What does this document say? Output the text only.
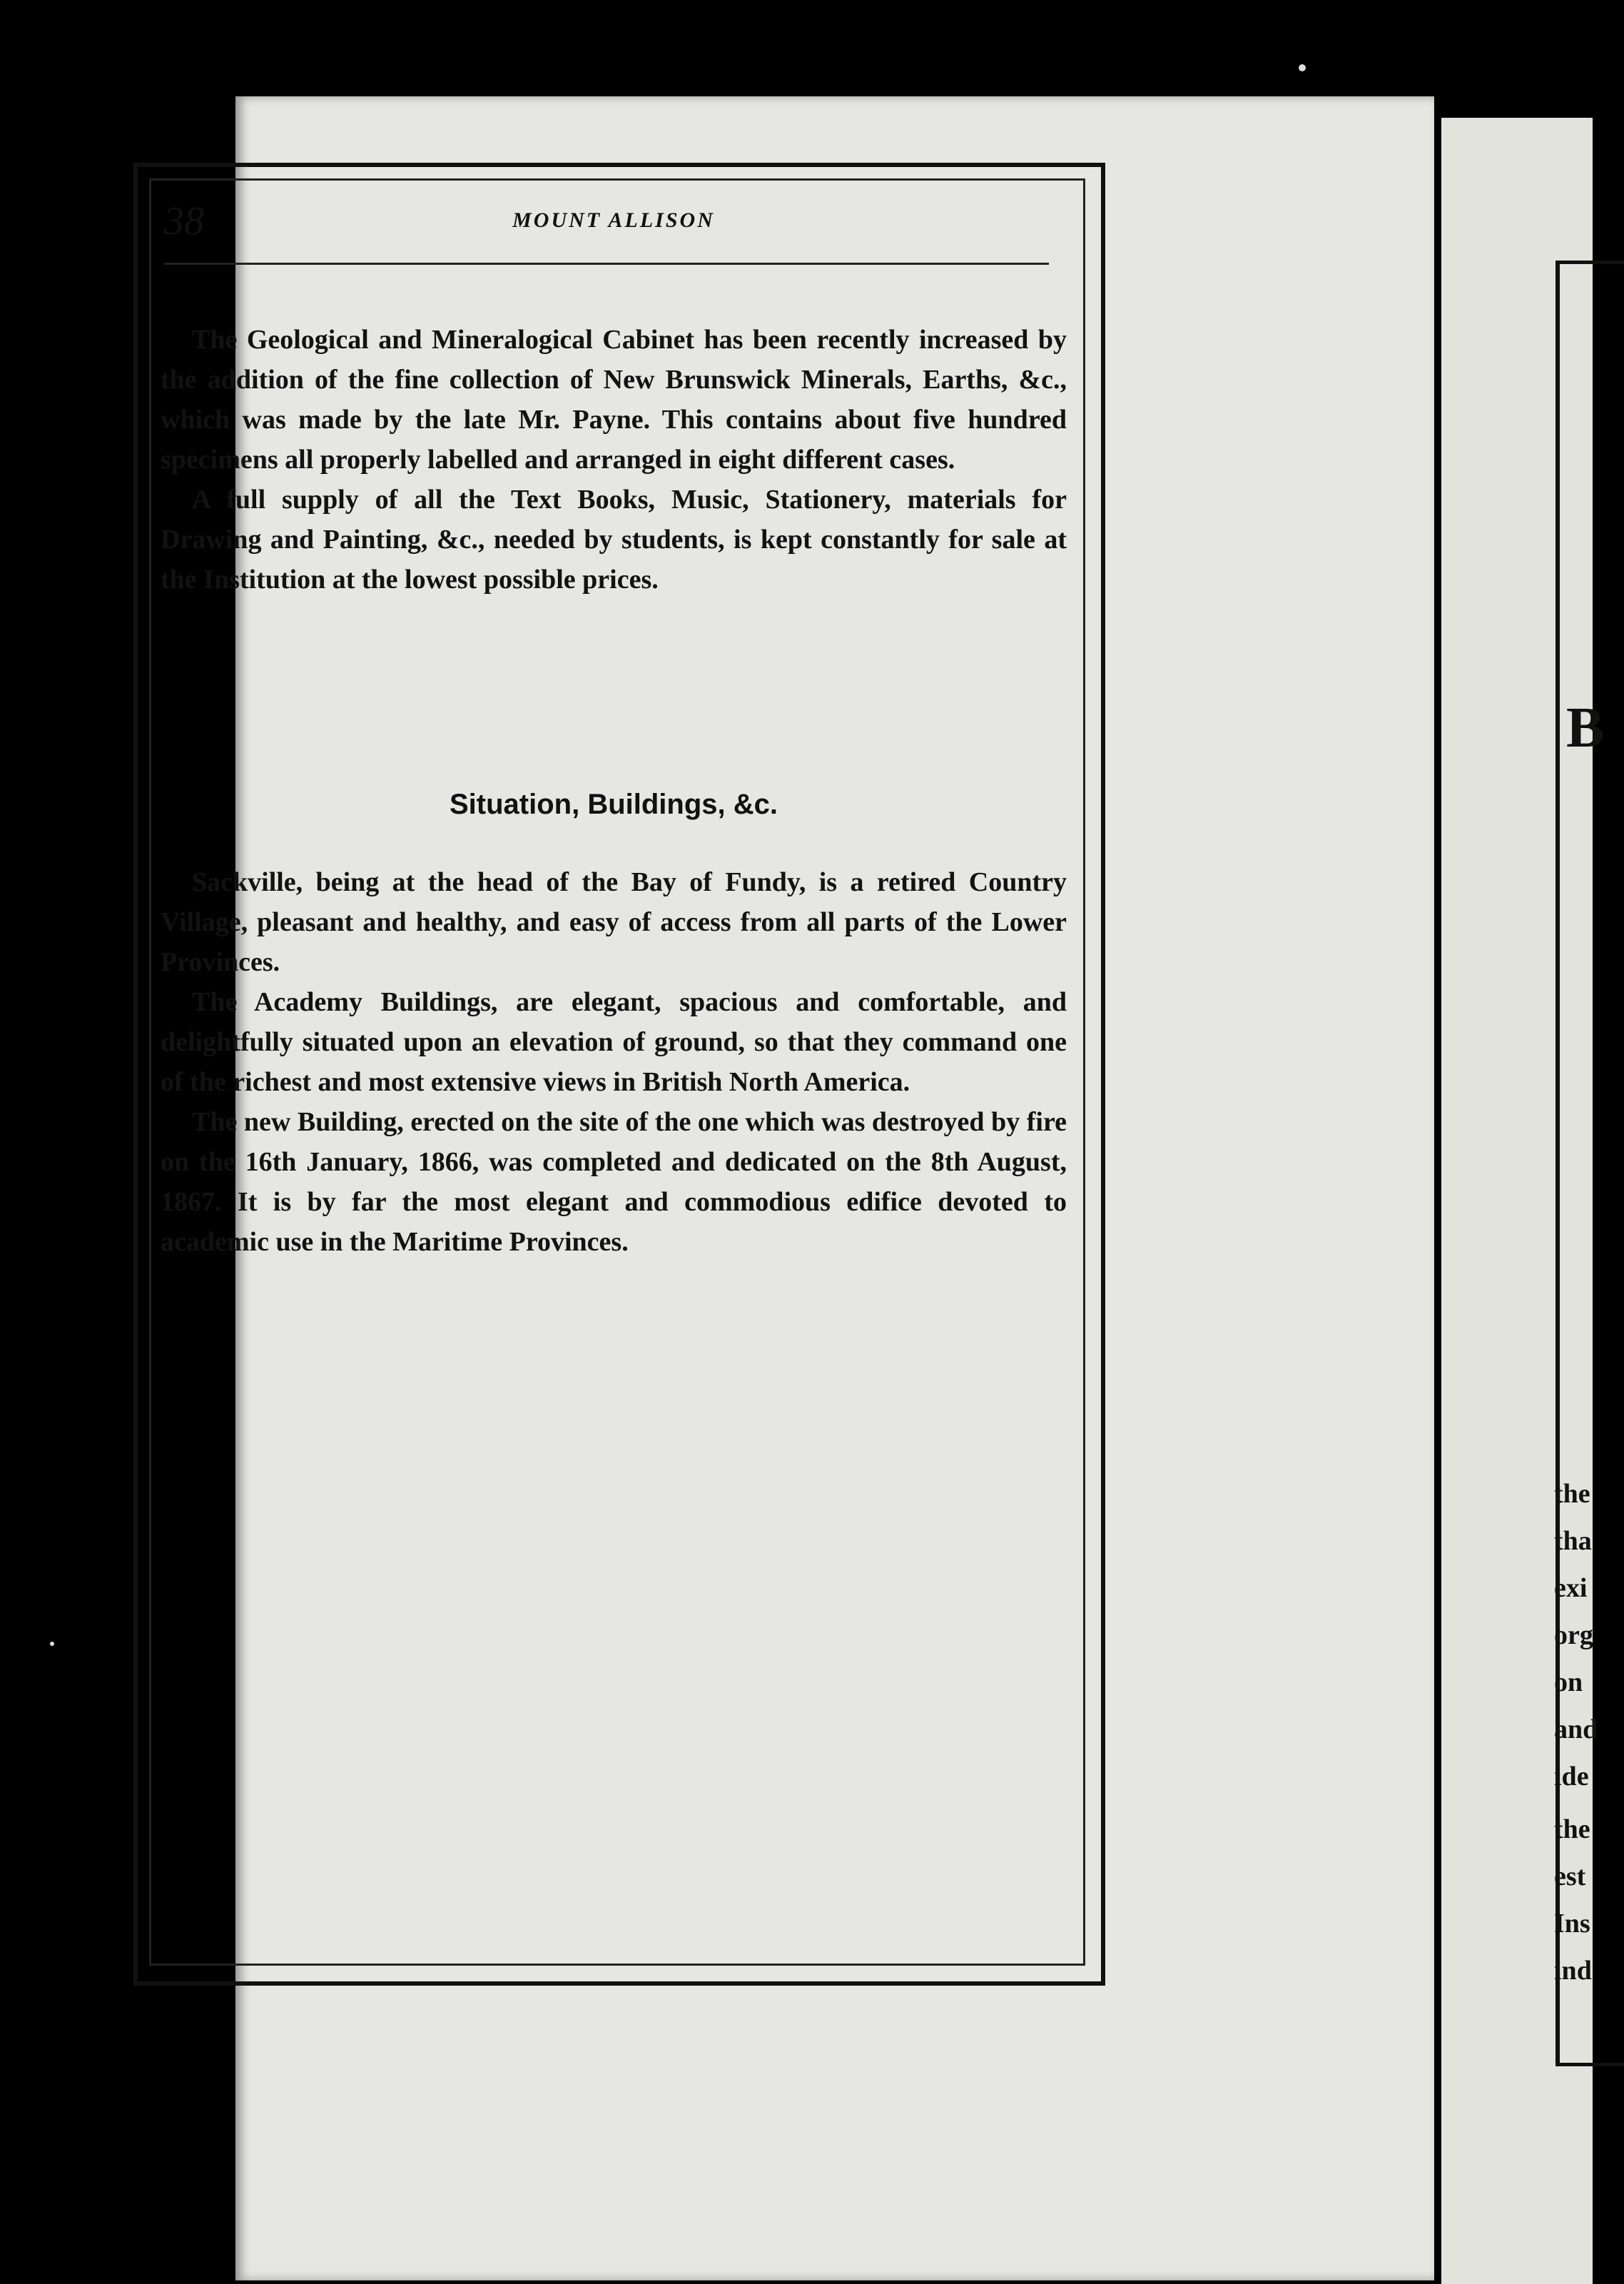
B
38	MOUNT ALLISON

The Geological and Mineralogical Cabinet has been recently increased by the addition of the fine collection of New Brunswick Minerals, Earths, &c., which was made by the late Mr. Payne. This contains about five hundred specimens all properly labelled and arranged in eight different cases.

A full supply of all the Text Books, Music, Stationery, materials for Drawing and Painting, &c., needed by students, is kept constantly for sale at the Institution at the lowest possible prices.

Situation, Buildings, &c.

Sackville, being at the head of the Bay of Fundy, is a retired Country Village, pleasant and healthy, and easy of access from all parts of the Lower Provinces.

The Academy Buildings, are elegant, spacious and comfortable, and delightfully situated upon an elevation of ground, so that they command one of the richest and most extensive views in British North America.

The new Building, erected on the site of the one which was destroyed by fire on the 16th January, 1866, was completed and dedicated on the 8th August, 1867. It is by far the most elegant and commodious edifice devoted to academic use in the Maritime Provinces.

the
tha
exi
org
on
and
ide
the
est
Ins
ind
